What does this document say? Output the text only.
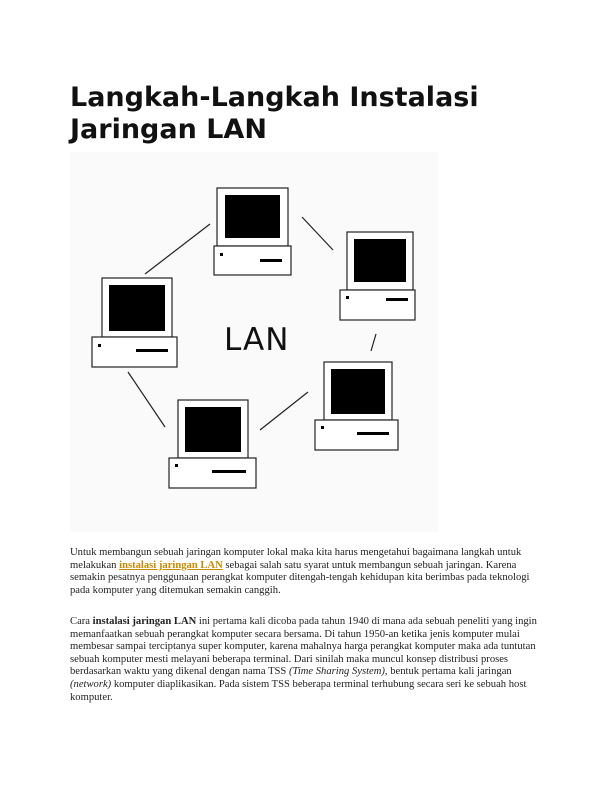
Langkah-Langkah Instalasi
Jaringan LAN
LAN

Untuk membangun sebuah jaringan komputer lokal maka kita harus mengetahui bagaimana langkah untuk melakukan instalasi jaringan LAN sebagai salah satu syarat untuk membangun sebuah jaringan. Karena semakin pesatnya penggunaan perangkat komputer ditengah-tengah kehidupan kita berimbas pada teknologi pada komputer yang ditemukan semakin canggih.

Cara instalasi jaringan LAN ini pertama kali dicoba pada tahun 1940 di mana ada sebuah peneliti yang ingin memanfaatkan sebuah perangkat komputer secara bersama. Di tahun 1950-an ketika jenis komputer mulai membesar sampai terciptanya super komputer, karena mahalnya harga perangkat komputer maka ada tuntutan sebuah komputer mesti melayani beberapa terminal. Dari sinilah maka muncul konsep distribusi proses berdasarkan waktu yang dikenal dengan nama TSS (Time Sharing System), bentuk pertama kali jaringan (network) komputer diaplikasikan. Pada sistem TSS beberapa terminal terhubung secara seri ke sebuah host komputer.
